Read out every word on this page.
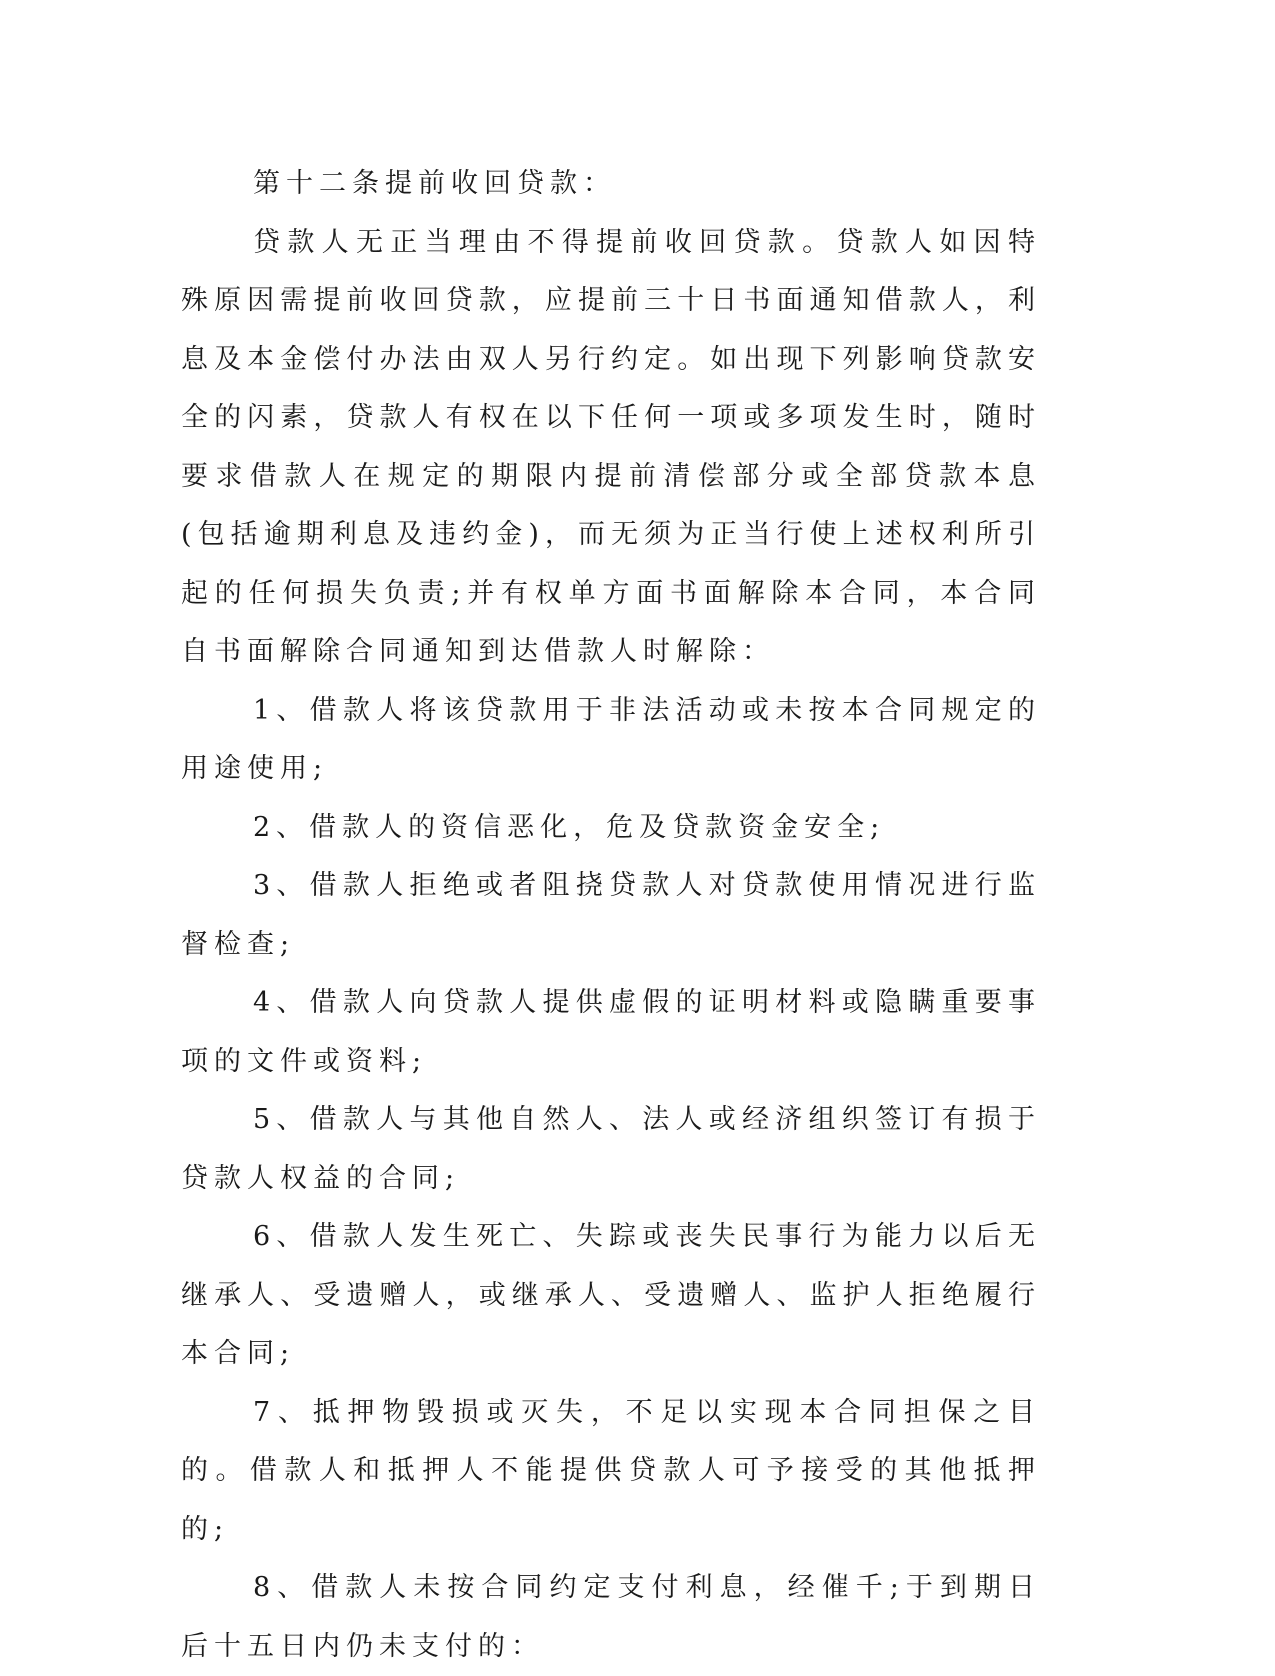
第十二条提前收回贷款：

贷款人无正当理由不得提前收回贷款。贷款人如因特殊原因需提前收回贷款，应提前三十日书面通知借款人，利息及本金偿付办法由双人另行约定。如出现下列影响贷款安全的闪素，贷款人有权在以下任何一项或多项发生时，随时要求借款人在规定的期限内提前清偿部分或全部贷款本息(包括逾期利息及违约金)，而无须为正当行使上述权利所引起的任何损失负责;并有权单方面书面解除本合同，本合同自书面解除合同通知到达借款人时解除：

1、借款人将该贷款用于非法活动或未按本合同规定的用途使用;

2、借款人的资信恶化，危及贷款资金安全;

3、借款人拒绝或者阻挠贷款人对贷款使用情况进行监督检查;

4、借款人向贷款人提供虚假的证明材料或隐瞒重要事项的文件或资料;

5、借款人与其他自然人、法人或经济组织签订有损于贷款人权益的合同;

6、借款人发生死亡、失踪或丧失民事行为能力以后无继承人、受遗赠人，或继承人、受遗赠人、监护人拒绝履行本合同;

7、抵押物毁损或灭失，不足以实现本合同担保之目的。借款人和抵押人不能提供贷款人可予接受的其他抵押的;

8、借款人未按合同约定支付利息，经催千;于到期日后十五日内仍未支付的：
